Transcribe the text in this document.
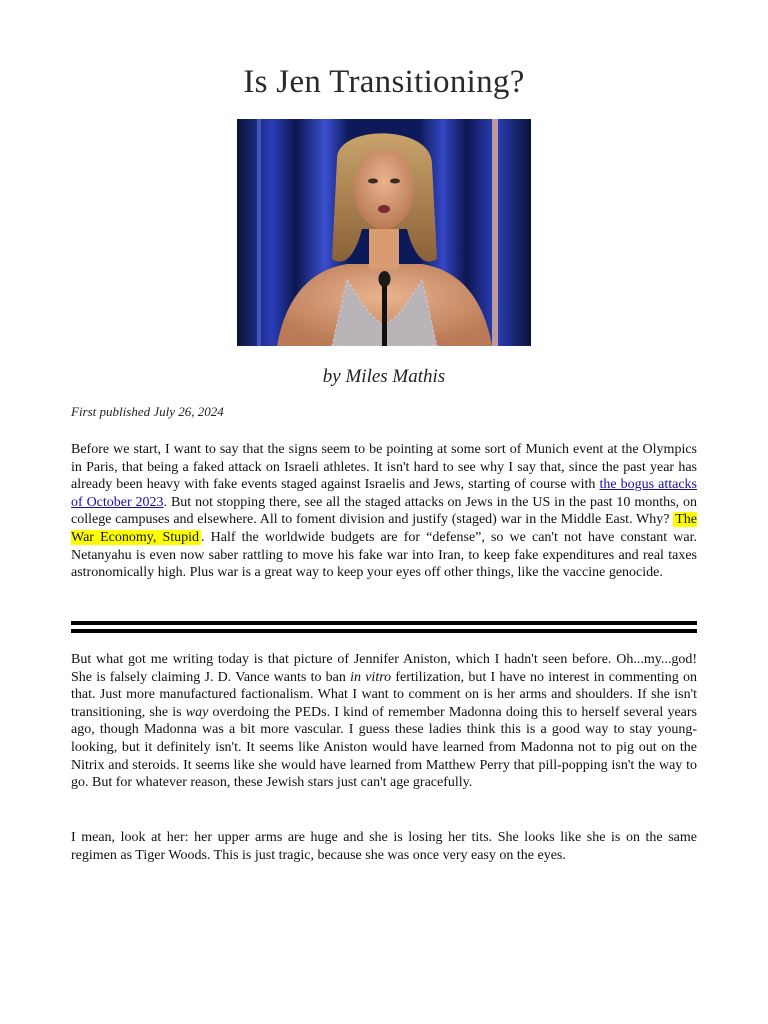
Is Jen Transitioning?
by Miles Mathis
First published July 26, 2024
Before we start, I want to say that the signs seem to be pointing at some sort of Munich event at the Olympics in Paris, that being a faked attack on Israeli athletes. It isn't hard to see why I say that, since the past year has already been heavy with fake events staged against Israelis and Jews, starting of course with the bogus attacks of October 2023. But not stopping there, see all the staged attacks on Jews in the US in the past 10 months, on college campuses and elsewhere. All to foment division and justify (staged) war in the Middle East. Why? The War Economy, Stupid . Half the worldwide budgets are for “defense”, so we can't not have constant war. Netanyahu is even now saber rattling to move his fake war into Iran, to keep fake expenditures and real taxes astronomically high. Plus war is a great way to keep your eyes off other things, like the vaccine genocide.
But what got me writing today is that picture of Jennifer Aniston, which I hadn't seen before. Oh...my...god! She is falsely claiming J. D. Vance wants to ban in vitro fertilization, but I have no interest in commenting on that. Just more manufactured factionalism. What I want to comment on is her arms and shoulders. If she isn't transitioning, she is way overdoing the PEDs. I kind of remember Madonna doing this to herself several years ago, though Madonna was a bit more vascular. I guess these ladies think this is a good way to stay young-looking, but it definitely isn't. It seems like Aniston would have learned from Madonna not to pig out on the Nitrix and steroids. It seems like she would have learned from Matthew Perry that pill-popping isn't the way to go. But for whatever reason, these Jewish stars just can't age gracefully.
I mean, look at her: her upper arms are huge and she is losing her tits. She looks like she is on the same regimen as Tiger Woods. This is just tragic, because she was once very easy on the eyes.
